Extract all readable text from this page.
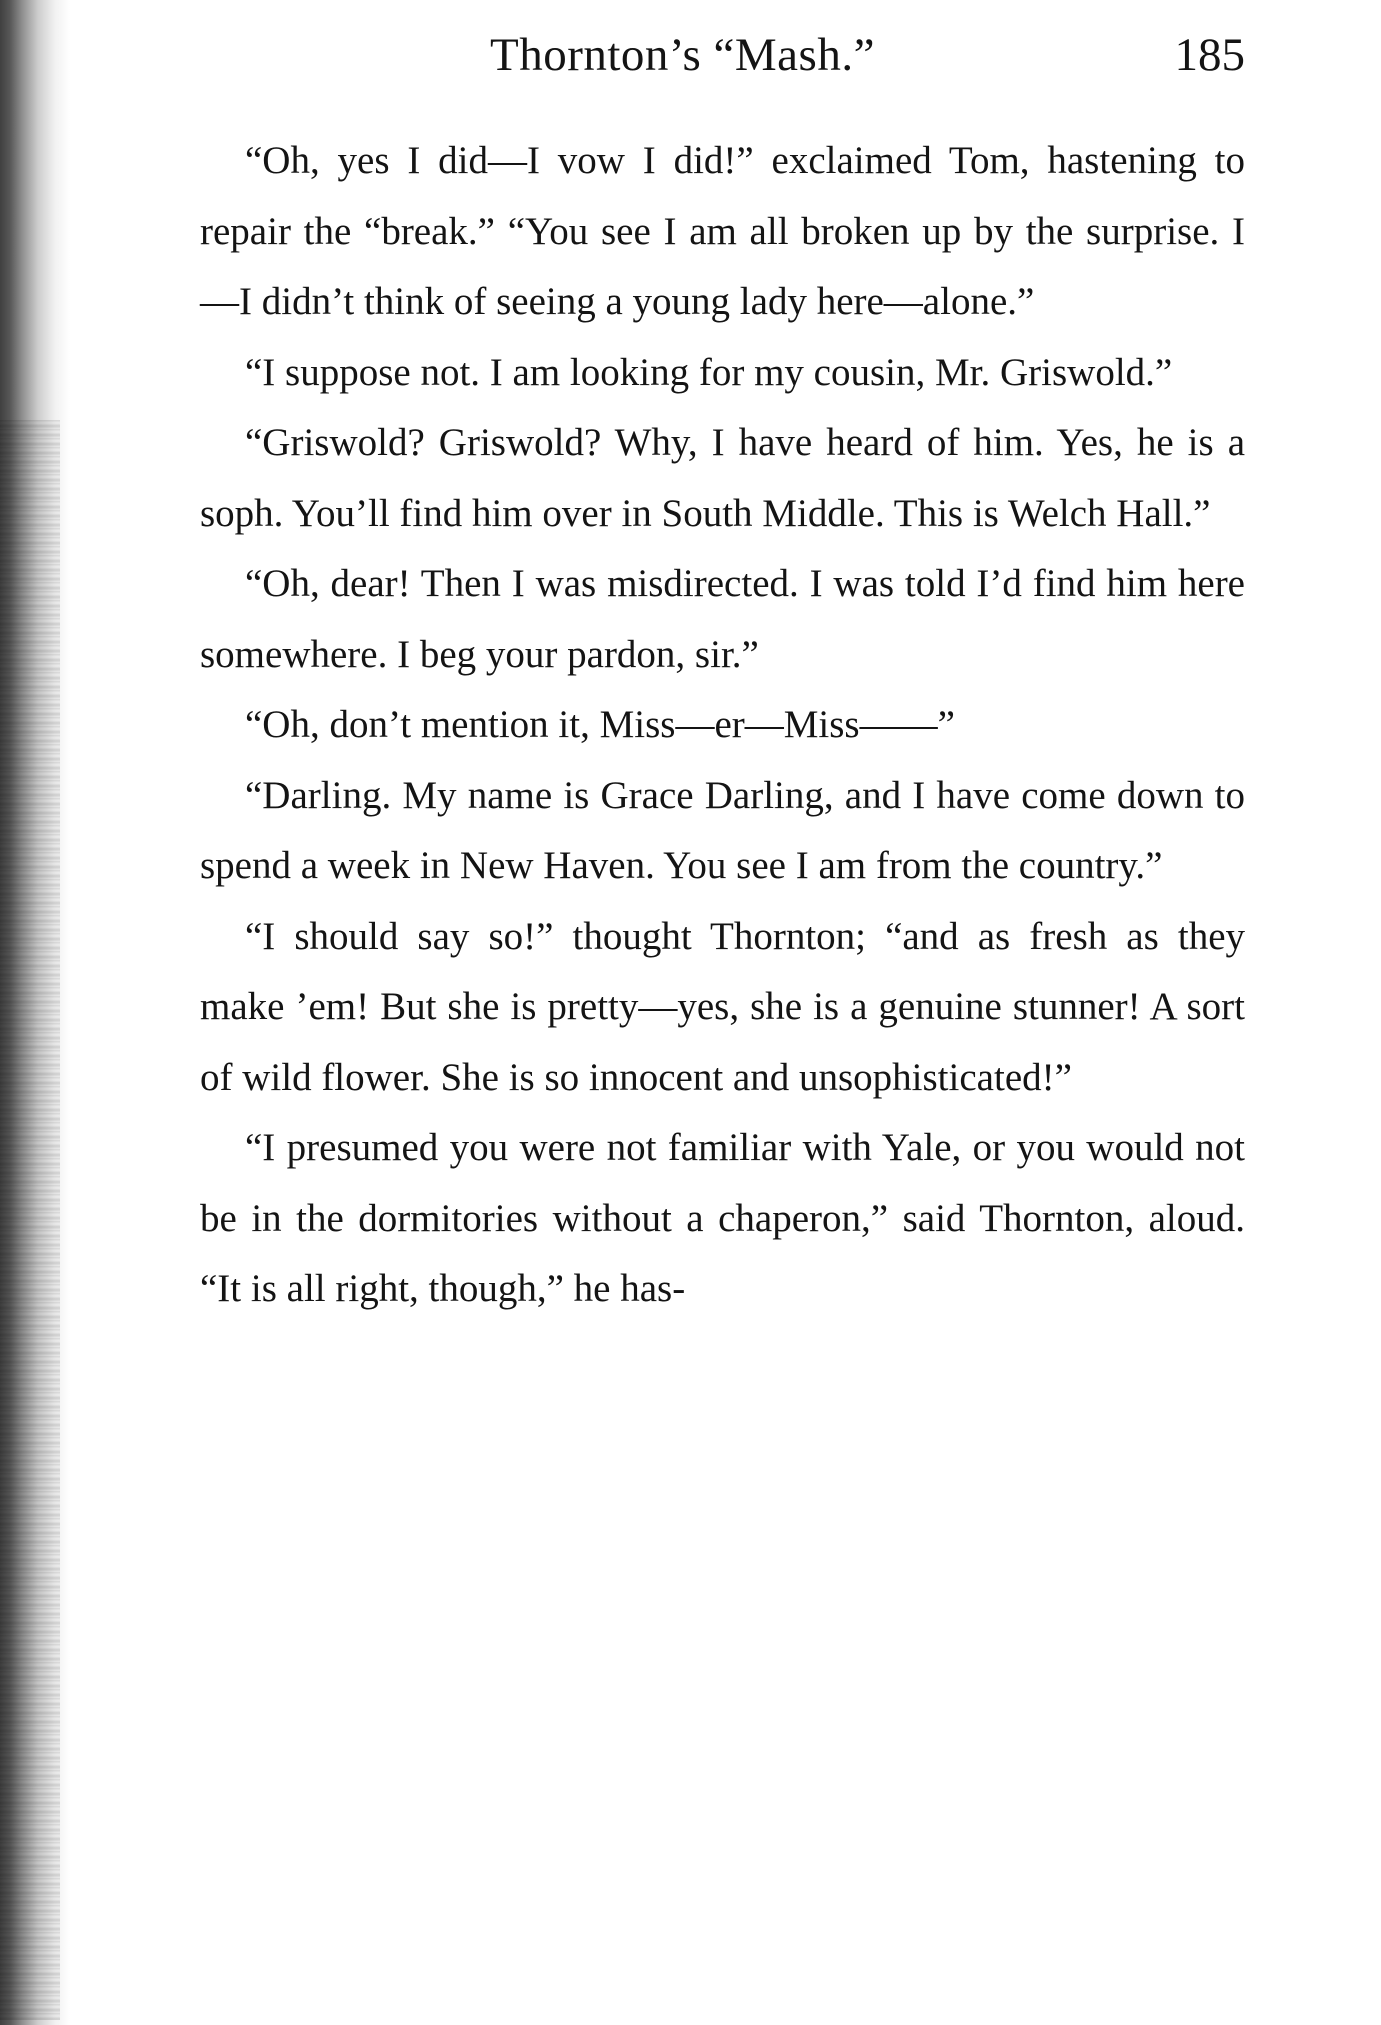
Thornton’s “Mash.”	185

“Oh, yes I did—I vow I did!” exclaimed Tom, hastening to repair the “break.” “You see I am all broken up by the surprise. I—I didn’t think of seeing a young lady here—alone.”

“I suppose not. I am looking for my cousin, Mr. Griswold.”

“Griswold? Griswold? Why, I have heard of him. Yes, he is a soph. You’ll find him over in South Middle. This is Welch Hall.”

“Oh, dear! Then I was misdirected. I was told I’d find him here somewhere. I beg your pardon, sir.”

“Oh, don’t mention it, Miss—er—Miss——”

“Darling. My name is Grace Darling, and I have come down to spend a week in New Haven. You see I am from the country.”

“I should say so!” thought Thornton; “and as fresh as they make ’em! But she is pretty—yes, she is a genuine stunner! A sort of wild flower. She is so innocent and unsophisticated!”

“I presumed you were not familiar with Yale, or you would not be in the dormitories without a chaperon,” said Thornton, aloud. “It is all right, though,” he has-
